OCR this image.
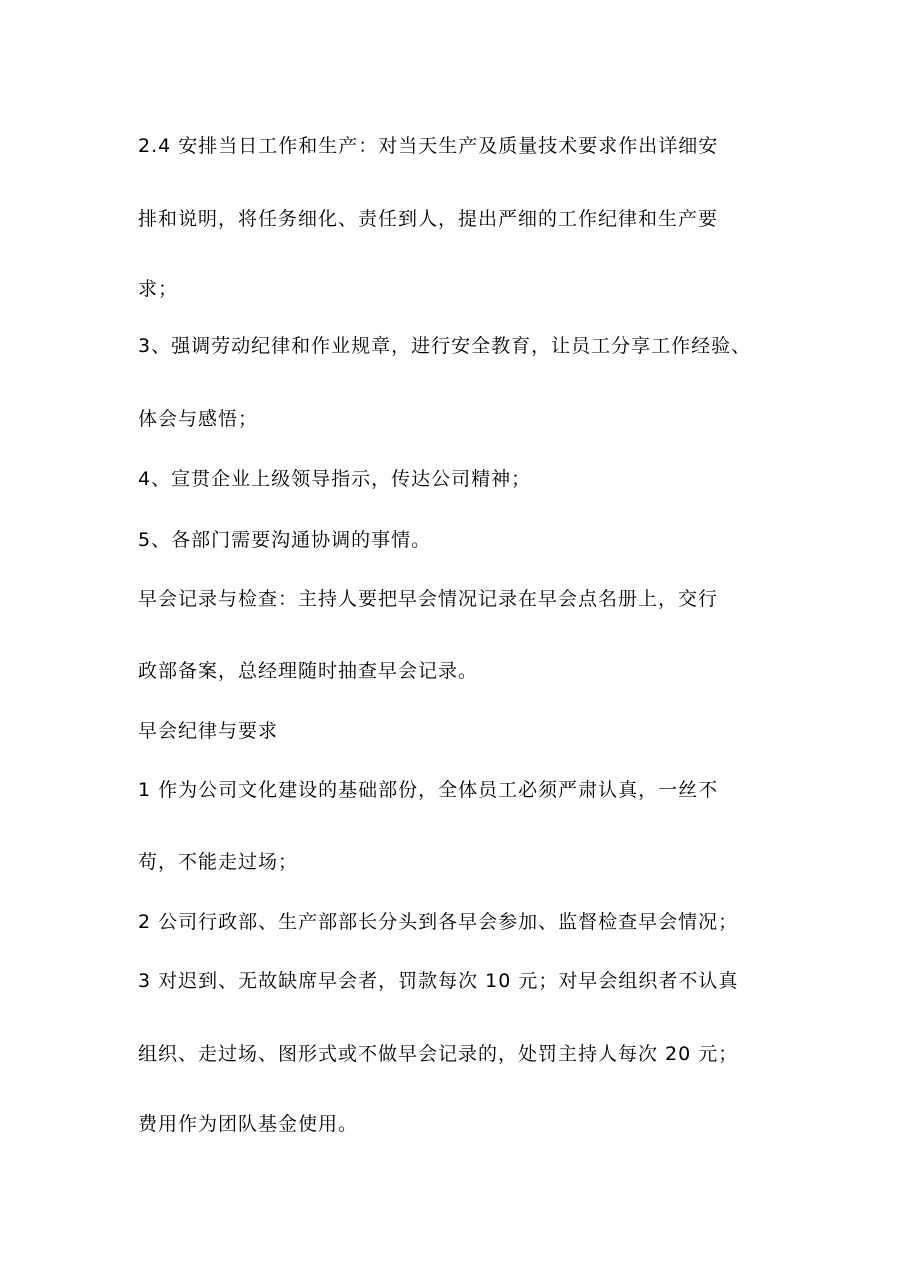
2.4 安排当日工作和生产：对当天生产及质量技术要求作出详细安
排和说明，将任务细化、责任到人，提出严细的工作纪律和生产要
求；
3、强调劳动纪律和作业规章，进行安全教育，让员工分享工作经验、
体会与感悟；
4、宣贯企业上级领导指示，传达公司精神；
5、各部门需要沟通协调的事情。
早会记录与检查：主持人要把早会情况记录在早会点名册上，交行
政部备案，总经理随时抽查早会记录。
早会纪律与要求
1 作为公司文化建设的基础部份，全体员工必须严肃认真，一丝不
苟，不能走过场；
2 公司行政部、生产部部长分头到各早会参加、监督检查早会情况；
3 对迟到、无故缺席早会者，罚款每次 10 元；对早会组织者不认真
组织、走过场、图形式或不做早会记录的，处罚主持人每次 20 元；
费用作为团队基金使用。
